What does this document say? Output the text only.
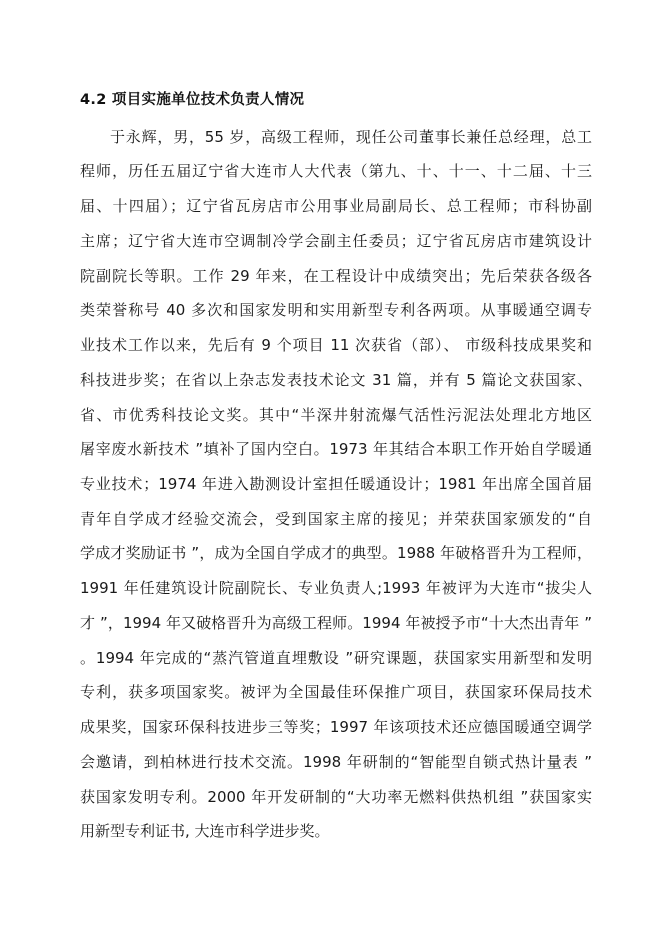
4.2 项目实施单位技术负责人情况
于永辉，男，55 岁，高级工程师，现任公司董事长兼任总经理，总工
程师，历任五届辽宁省大连市人大代表（第九、十、十一、十二届、十三
届、十四届）；辽宁省瓦房店市公用事业局副局长、总工程师；市科协副
主席；辽宁省大连市空调制冷学会副主任委员；辽宁省瓦房店市建筑设计
院副院长等职。工作 29 年来，在工程设计中成绩突出；先后荣获各级各
类荣誉称号 40 多次和国家发明和实用新型专利各两项。从事暖通空调专
业技术工作以来，先后有 9 个项目 11 次获省（部）、 市级科技成果奖和
科技进步奖；在省以上杂志发表技术论文 31 篇，并有 5 篇论文获国家、
省、市优秀科技论文奖。其中“半深井射流爆气活性污泥法处理北方地区
屠宰废水新技术 ”填补了国内空白。1973 年其结合本职工作开始自学暖通
专业技术；1974 年进入勘测设计室担任暖通设计；1981 年出席全国首届
青年自学成才经验交流会，受到国家主席的接见；并荣获国家颁发的“自
学成才奖励证书 ”，成为全国自学成才的典型。1988 年破格晋升为工程师，
1991 年任建筑设计院副院长、专业负责人;1993 年被评为大连市“拔尖人
才 ”，1994 年又破格晋升为高级工程师。1994 年被授予市“十大杰出青年 ”
。1994 年完成的“蒸汽管道直埋敷设 ”研究课题，获国家实用新型和发明
专利，获多项国家奖。被评为全国最佳环保推广项目，获国家环保局技术
成果奖，国家环保科技进步三等奖；1997 年该项技术还应德国暖通空调学
会邀请，到柏林进行技术交流。1998 年研制的“智能型自锁式热计量表 ”
获国家发明专利。2000 年开发研制的“大功率无燃料供热机组 ”获国家实
用新型专利证书, 大连市科学进步奖。
